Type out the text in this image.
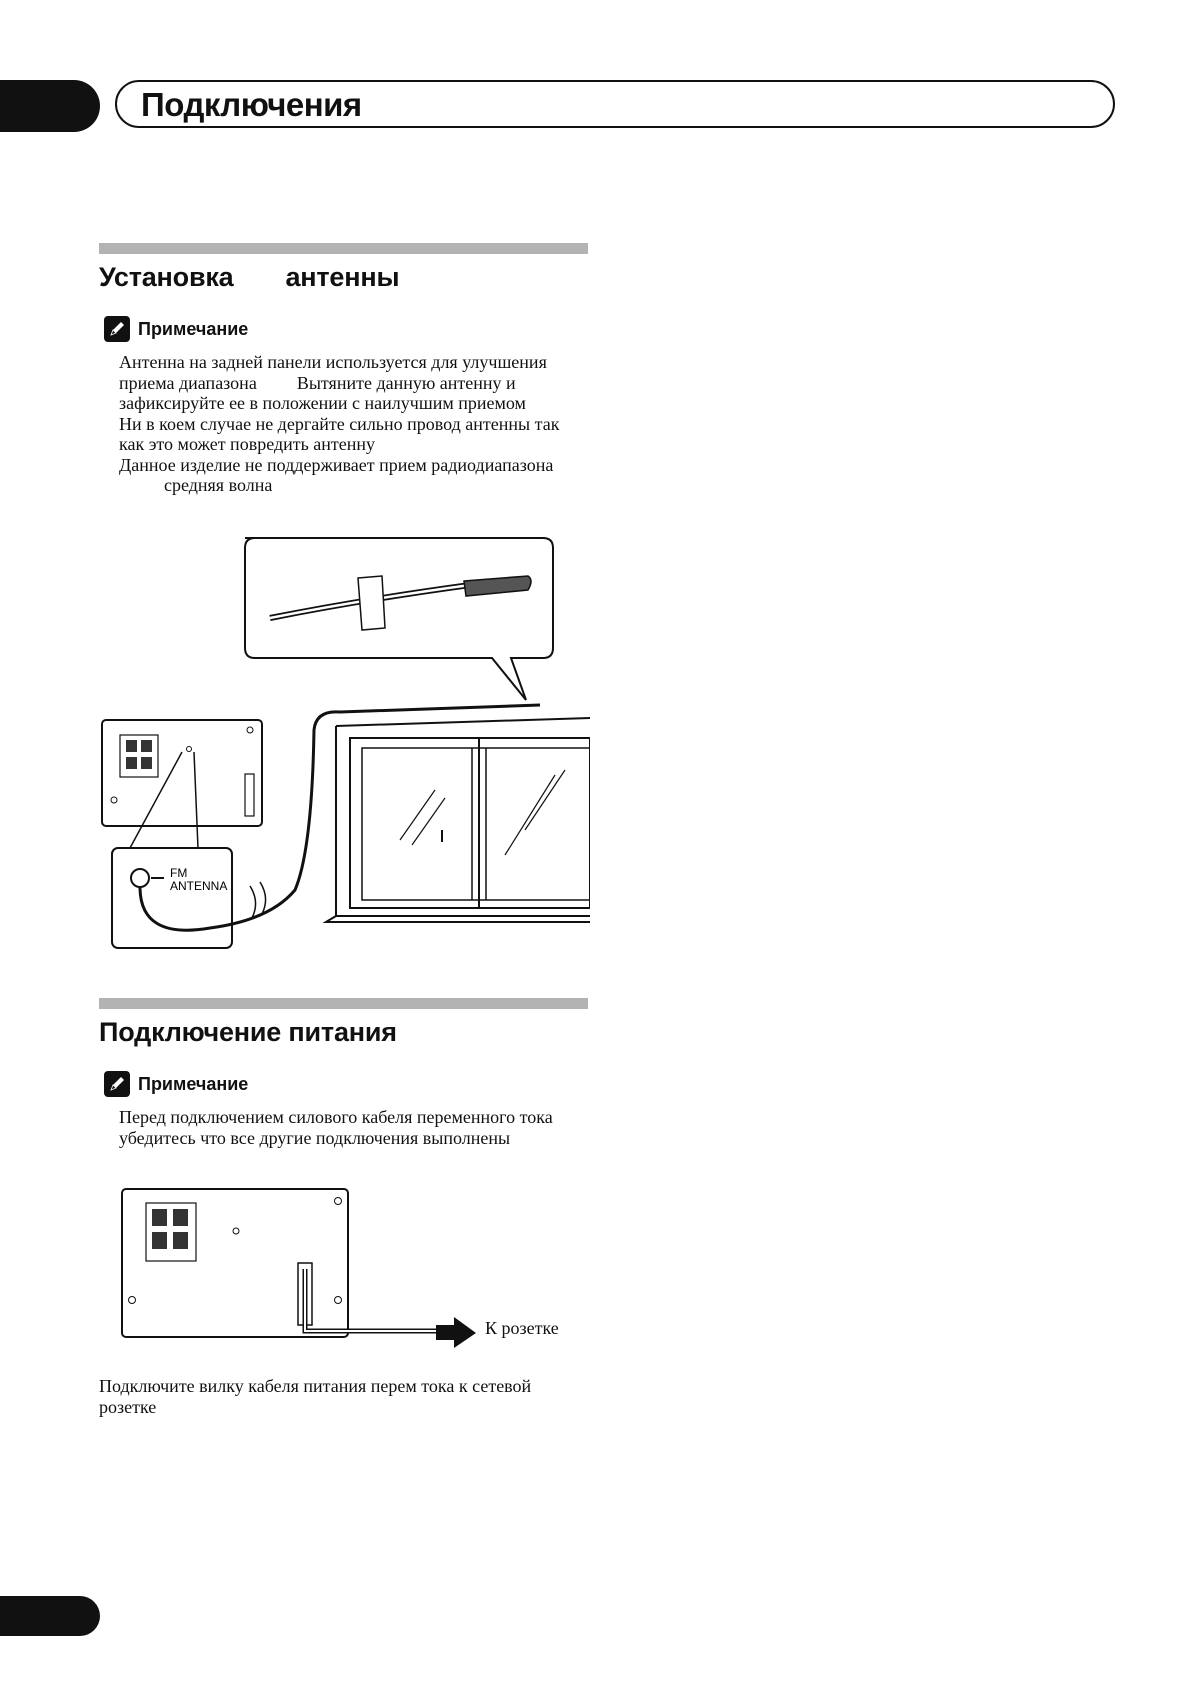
Подключения
Установка антенны
Примечание

Антенна на задней панели используется для улучшения

приема диапазона Вытяните данную антенну и

зафиксируйте ее в положении с наилучшим приемом

Ни в коем случае не дергайте сильно провод антенны так

как это может повредить антенну

Данное изделие не поддерживает прием радиодиапазона

средняя волна

FM
ANTENNA
Подключение питания
Примечание

Перед подключением силового кабеля переменного тока

убедитесь что все другие подключения выполнены

К розетке

Подключите вилку кабеля питания перем тока к сетевой

розетке
